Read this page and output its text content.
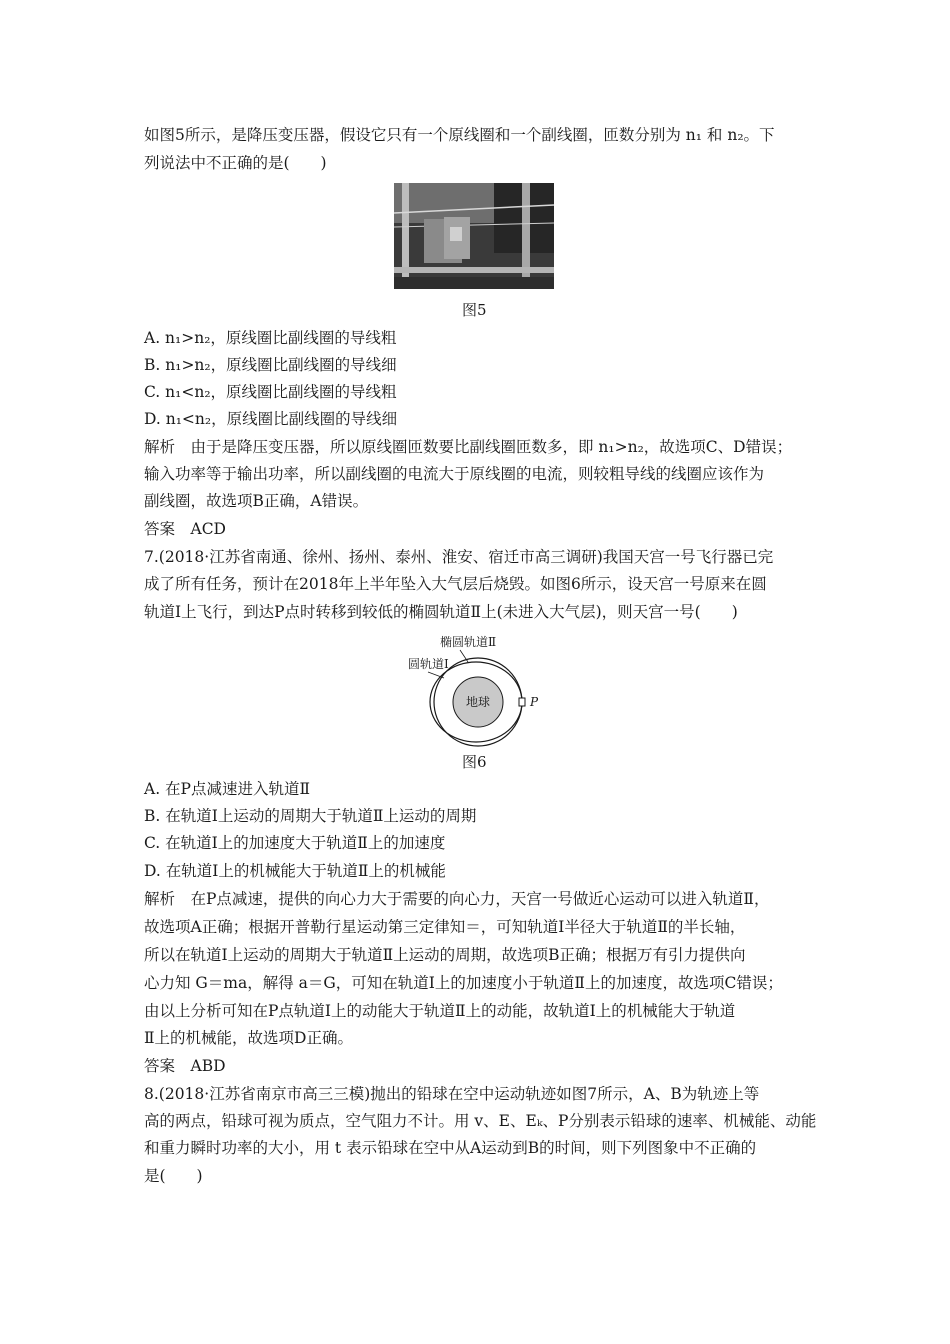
如图5所示，是降压变压器，假设它只有一个原线圈和一个副线圈，匝数分别为 n₁ 和 n₂。下
列说法中不正确的是(　　)
图5
A. n₁>n₂，原线圈比副线圈的导线粗
B. n₁>n₂，原线圈比副线圈的导线细
C. n₁<n₂，原线圈比副线圈的导线粗
D. n₁<n₂，原线圈比副线圈的导线细
解析　由于是降压变压器，所以原线圈匝数要比副线圈匝数多，即 n₁>n₂，故选项C、D错误；
输入功率等于输出功率，所以副线圈的电流大于原线圈的电流，则较粗导线的线圈应该作为
副线圈，故选项B正确，A错误。
答案　ACD
7.(2018·江苏省南通、徐州、扬州、泰州、淮安、宿迁市高三调研)我国天宫一号飞行器已完
成了所有任务，预计在2018年上半年坠入大气层后烧毁。如图6所示，设天宫一号原来在圆
轨道Ⅰ上飞行，到达P点时转移到较低的椭圆轨道Ⅱ上(未进入大气层)，则天宫一号(　　)
椭圆轨道Ⅱ
圆轨道Ⅰ
地球	P
图6
A. 在P点减速进入轨道Ⅱ
B. 在轨道Ⅰ上运动的周期大于轨道Ⅱ上运动的周期
C. 在轨道Ⅰ上的加速度大于轨道Ⅱ上的加速度
D. 在轨道Ⅰ上的机械能大于轨道Ⅱ上的机械能
解析　在P点减速，提供的向心力大于需要的向心力，天宫一号做近心运动可以进入轨道Ⅱ，
故选项A正确；根据开普勒行星运动第三定律知＝，可知轨道Ⅰ半径大于轨道Ⅱ的半长轴，
所以在轨道Ⅰ上运动的周期大于轨道Ⅱ上运动的周期，故选项B正确；根据万有引力提供向
心力知 G＝ma，解得 a＝G，可知在轨道Ⅰ上的加速度小于轨道Ⅱ上的加速度，故选项C错误；
由以上分析可知在P点轨道Ⅰ上的动能大于轨道Ⅱ上的动能，故轨道Ⅰ上的机械能大于轨道
Ⅱ上的机械能，故选项D正确。
答案　ABD
8.(2018·江苏省南京市高三三模)抛出的铅球在空中运动轨迹如图7所示，A、B为轨迹上等
高的两点，铅球可视为质点，空气阻力不计。用 v、E、Eₖ、P分别表示铅球的速率、机械能、动能
和重力瞬时功率的大小，用 t 表示铅球在空中从A运动到B的时间，则下列图象中不正确的
是(　　)
